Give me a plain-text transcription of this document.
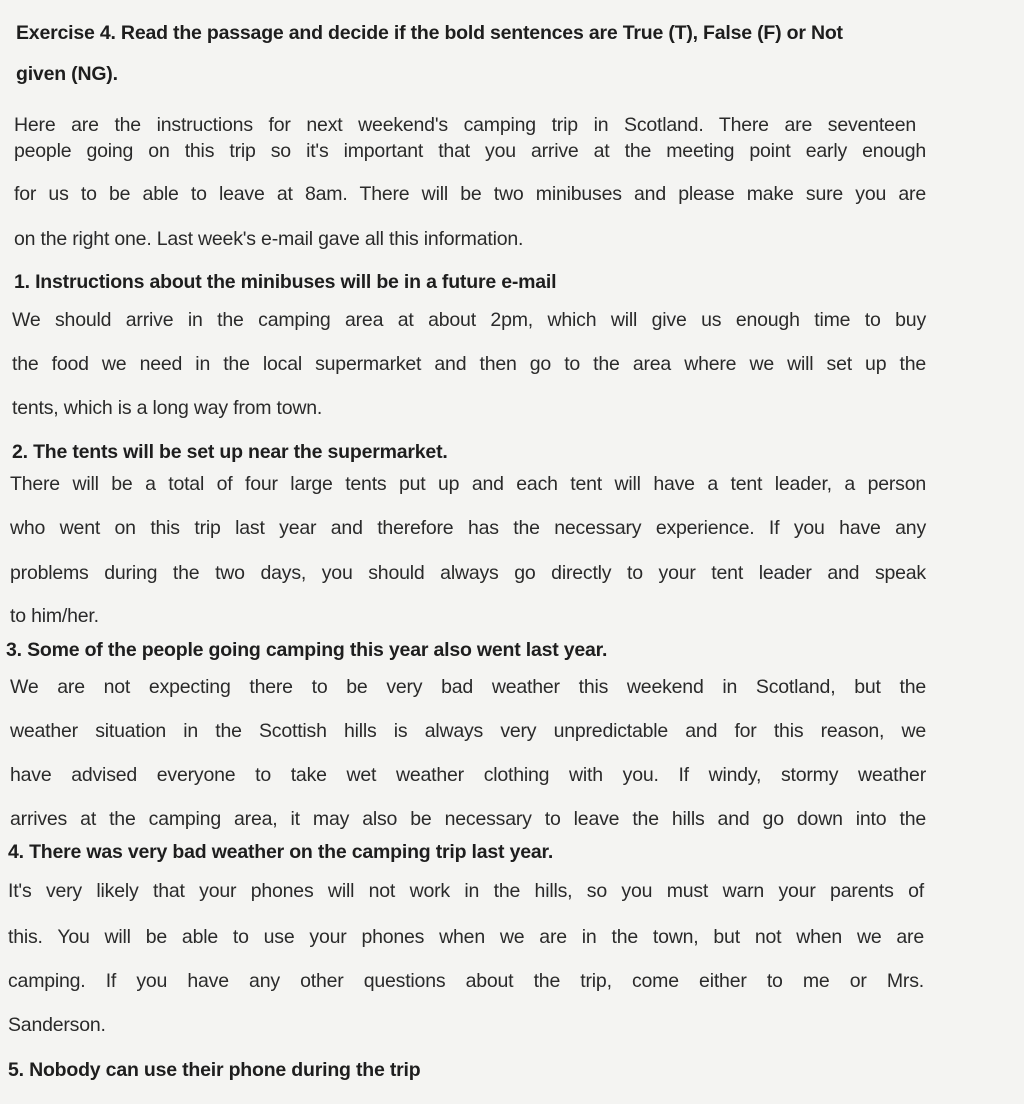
Exercise 4. Read the passage and decide if the bold sentences are True (T), False (F) or Not
given (NG).
Here are the instructions for next weekend's camping trip in Scotland. There are seventeen
people going on this trip so it's important that you arrive at the meeting point early enough
for us to be able to leave at 8am. There will be two minibuses and please make sure you are
on the right one. Last week's e-mail gave all this information.
1. Instructions about the minibuses will be in a future e-mail
We should arrive in the camping area at about 2pm, which will give us enough time to buy
the food we need in the local supermarket and then go to the area where we will set up the
tents, which is a long way from town.
2. The tents will be set up near the supermarket.
There will be a total of four large tents put up and each tent will have a tent leader, a person
who went on this trip last year and therefore has the necessary experience. If you have any
problems during the two days, you should always go directly to your tent leader and speak
to him/her.
3. Some of the people going camping this year also went last year.
We are not expecting there to be very bad weather this weekend in Scotland, but the
weather situation in the Scottish hills is always very unpredictable and for this reason, we
have advised everyone to take wet weather clothing with you. If windy, stormy weather
arrives at the camping area, it may also be necessary to leave the hills and go down into the
4. There was very bad weather on the camping trip last year.
It's very likely that your phones will not work in the hills, so you must warn your parents of
this. You will be able to use your phones when we are in the town, but not when we are
camping. If you have any other questions about the trip, come either to me or Mrs.
Sanderson.
5. Nobody can use their phone during the trip
